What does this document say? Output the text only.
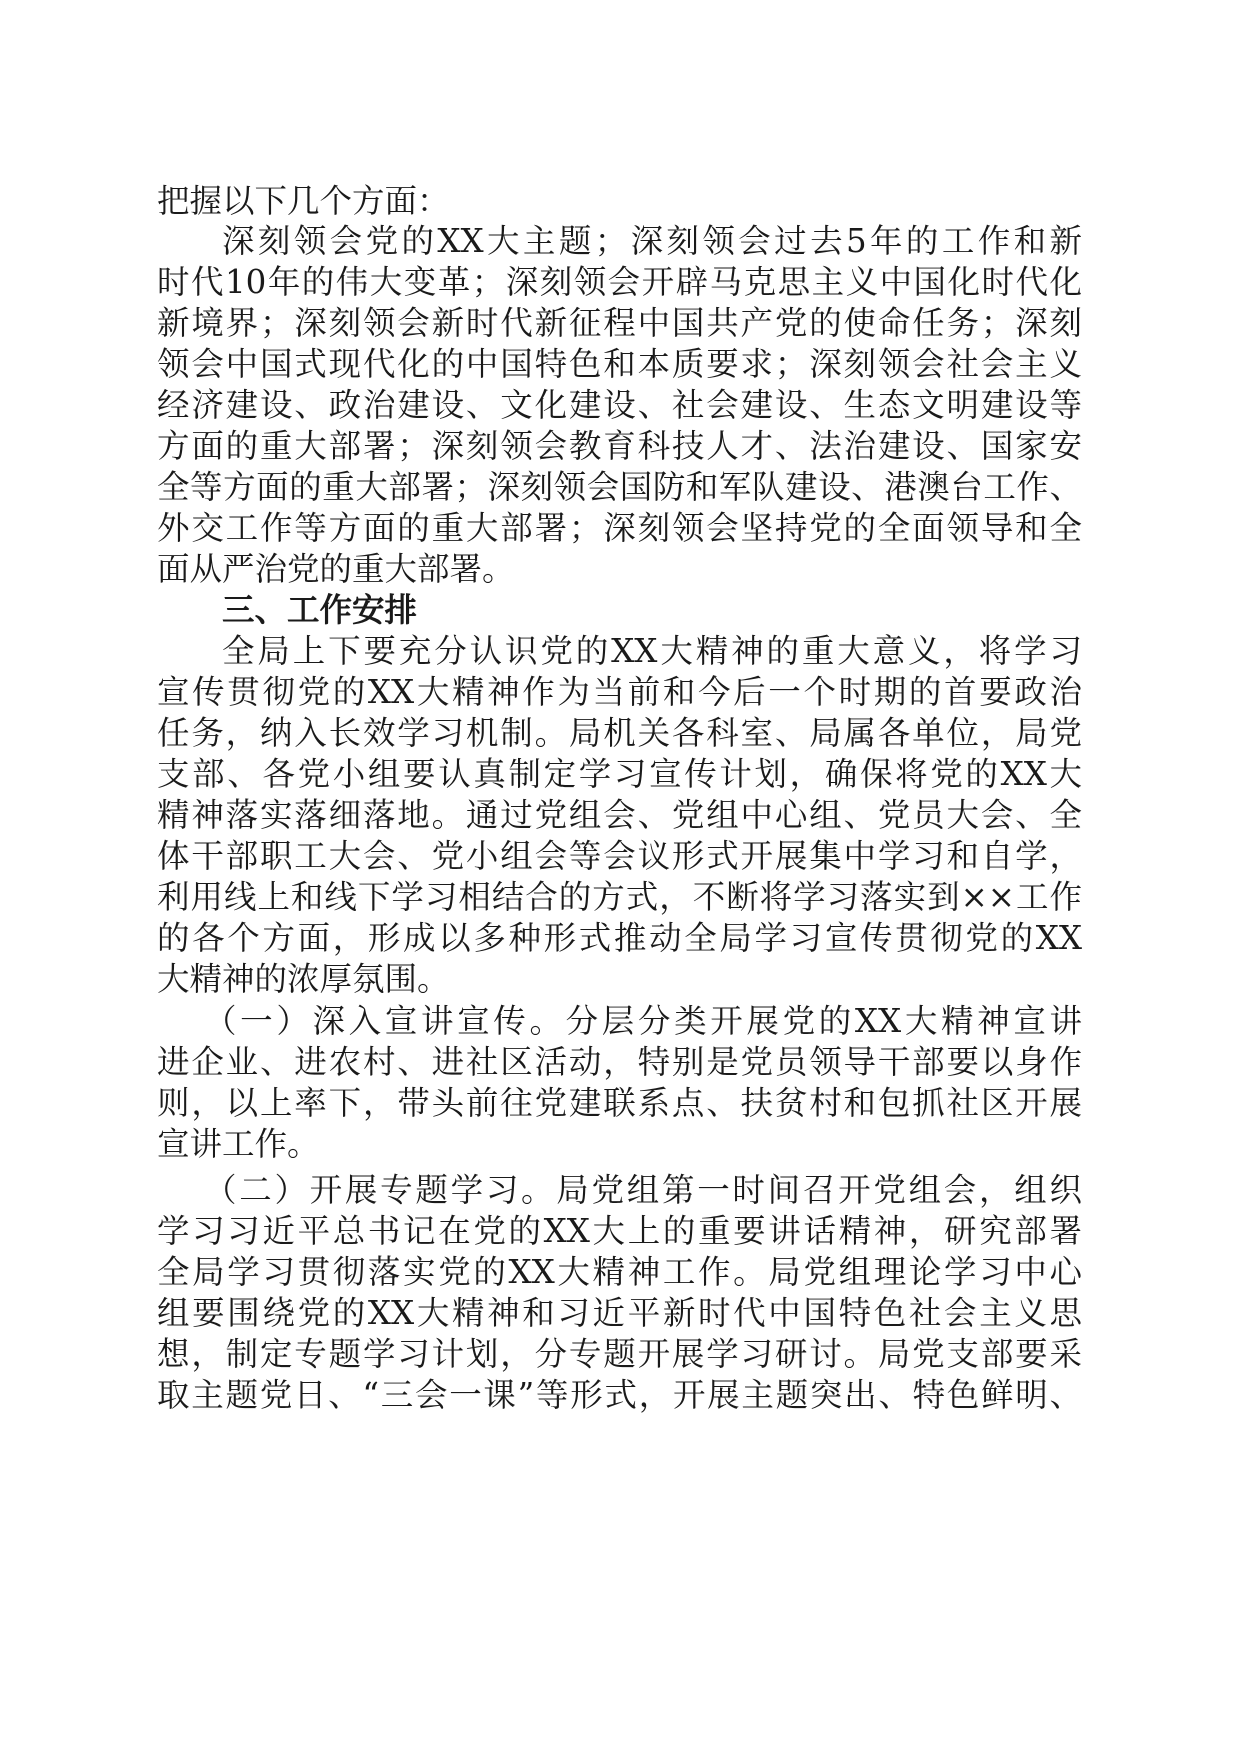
把握以下几个方面：
深刻领会党的XX大主题；深刻领会过去5年的工作和新
时代10年的伟大变革；深刻领会开辟马克思主义中国化时代化
新境界；深刻领会新时代新征程中国共产党的使命任务；深刻
领会中国式现代化的中国特色和本质要求；深刻领会社会主义
经济建设、政治建设、文化建设、社会建设、生态文明建设等
方面的重大部署；深刻领会教育科技人才、法治建设、国家安
全等方面的重大部署；深刻领会国防和军队建设、港澳台工作、
外交工作等方面的重大部署；深刻领会坚持党的全面领导和全
面从严治党的重大部署。
三、工作安排
全局上下要充分认识党的XX大精神的重大意义，将学习
宣传贯彻党的XX大精神作为当前和今后一个时期的首要政治
任务，纳入长效学习机制。局机关各科室、局属各单位，局党
支部、各党小组要认真制定学习宣传计划，确保将党的XX大
精神落实落细落地。通过党组会、党组中心组、党员大会、全
体干部职工大会、党小组会等会议形式开展集中学习和自学，
利用线上和线下学习相结合的方式，不断将学习落实到××工作
的各个方面，形成以多种形式推动全局学习宣传贯彻党的XX
大精神的浓厚氛围。
（一）深入宣讲宣传。分层分类开展党的XX大精神宣讲
进企业、进农村、进社区活动，特别是党员领导干部要以身作
则，以上率下，带头前往党建联系点、扶贫村和包抓社区开展
宣讲工作。
（二）开展专题学习。局党组第一时间召开党组会，组织
学习习近平总书记在党的XX大上的重要讲话精神，研究部署
全局学习贯彻落实党的XX大精神工作。局党组理论学习中心
组要围绕党的XX大精神和习近平新时代中国特色社会主义思
想，制定专题学习计划，分专题开展学习研讨。局党支部要采
取主题党日、“三会一课”等形式，开展主题突出、特色鲜明、
